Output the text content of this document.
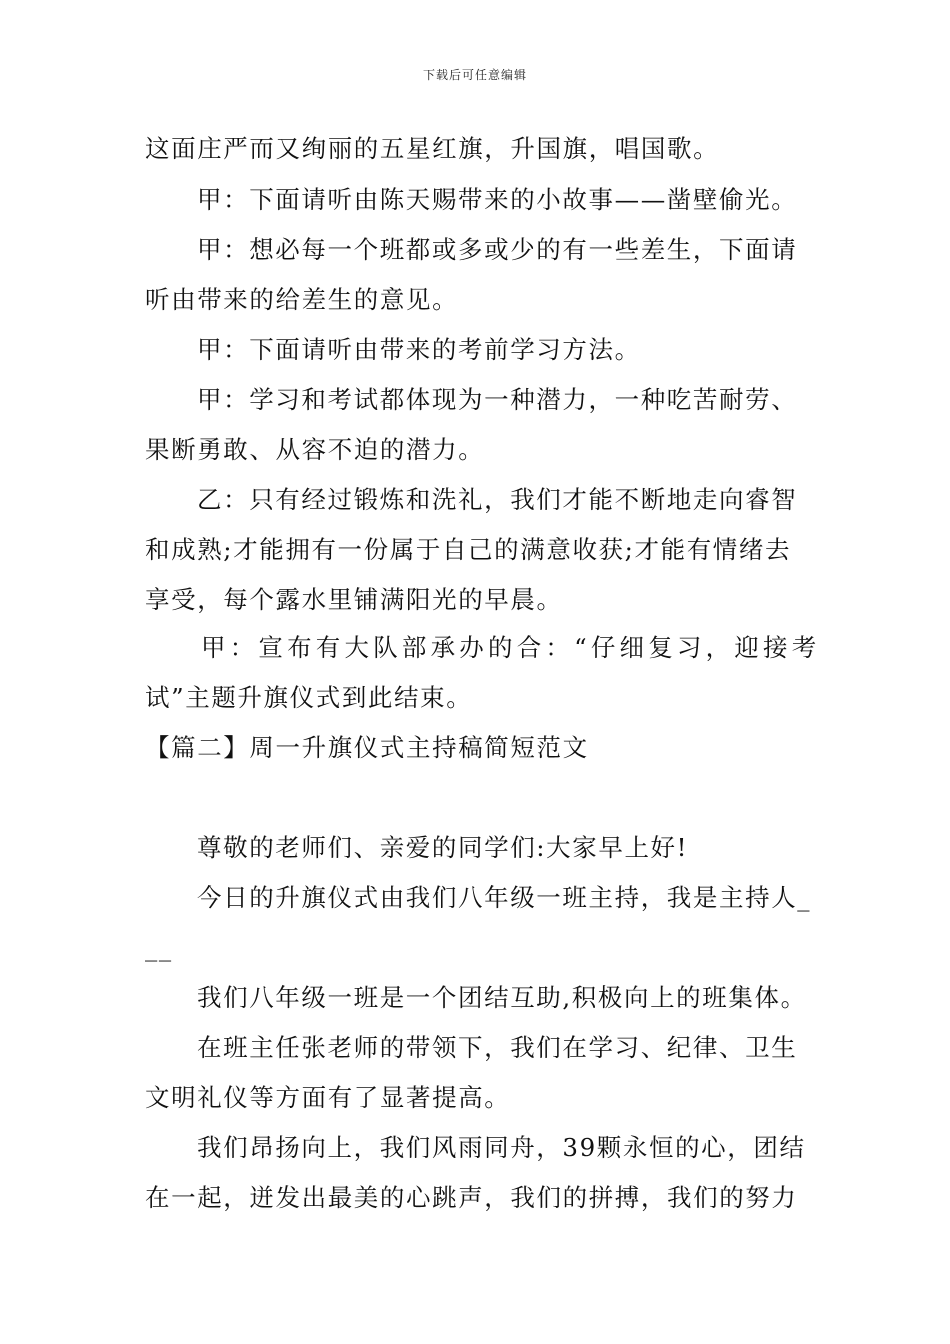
下载后可任意编辑
这面庄严而又绚丽的五星红旗，升国旗，唱国歌。
甲：下面请听由陈天赐带来的小故事——凿壁偷光。
甲：想必每一个班都或多或少的有一些差生，下面请
听由带来的给差生的意见。
甲：下面请听由带来的考前学习方法。
甲：学习和考试都体现为一种潜力，一种吃苦耐劳、
果断勇敢、从容不迫的潜力。
乙：只有经过锻炼和洗礼，我们才能不断地走向睿智
和成熟;才能拥有一份属于自己的满意收获;才能有情绪去
享受，每个露水里铺满阳光的早晨。
甲：宣布有大队部承办的合：“仔细复习，迎接考
试”主题升旗仪式到此结束。
【篇二】周一升旗仪式主持稿简短范文
尊敬的老师们、亲爱的同学们:大家早上好!
今日的升旗仪式由我们八年级一班主持，我是主持人_
__
我们八年级一班是一个团结互助,积极向上的班集体。
在班主任张老师的带领下，我们在学习、纪律、卫生
文明礼仪等方面有了显著提高。
我们昂扬向上，我们风雨同舟，39颗永恒的心，团结
在一起，迸发出最美的心跳声，我们的拼搏，我们的努力
